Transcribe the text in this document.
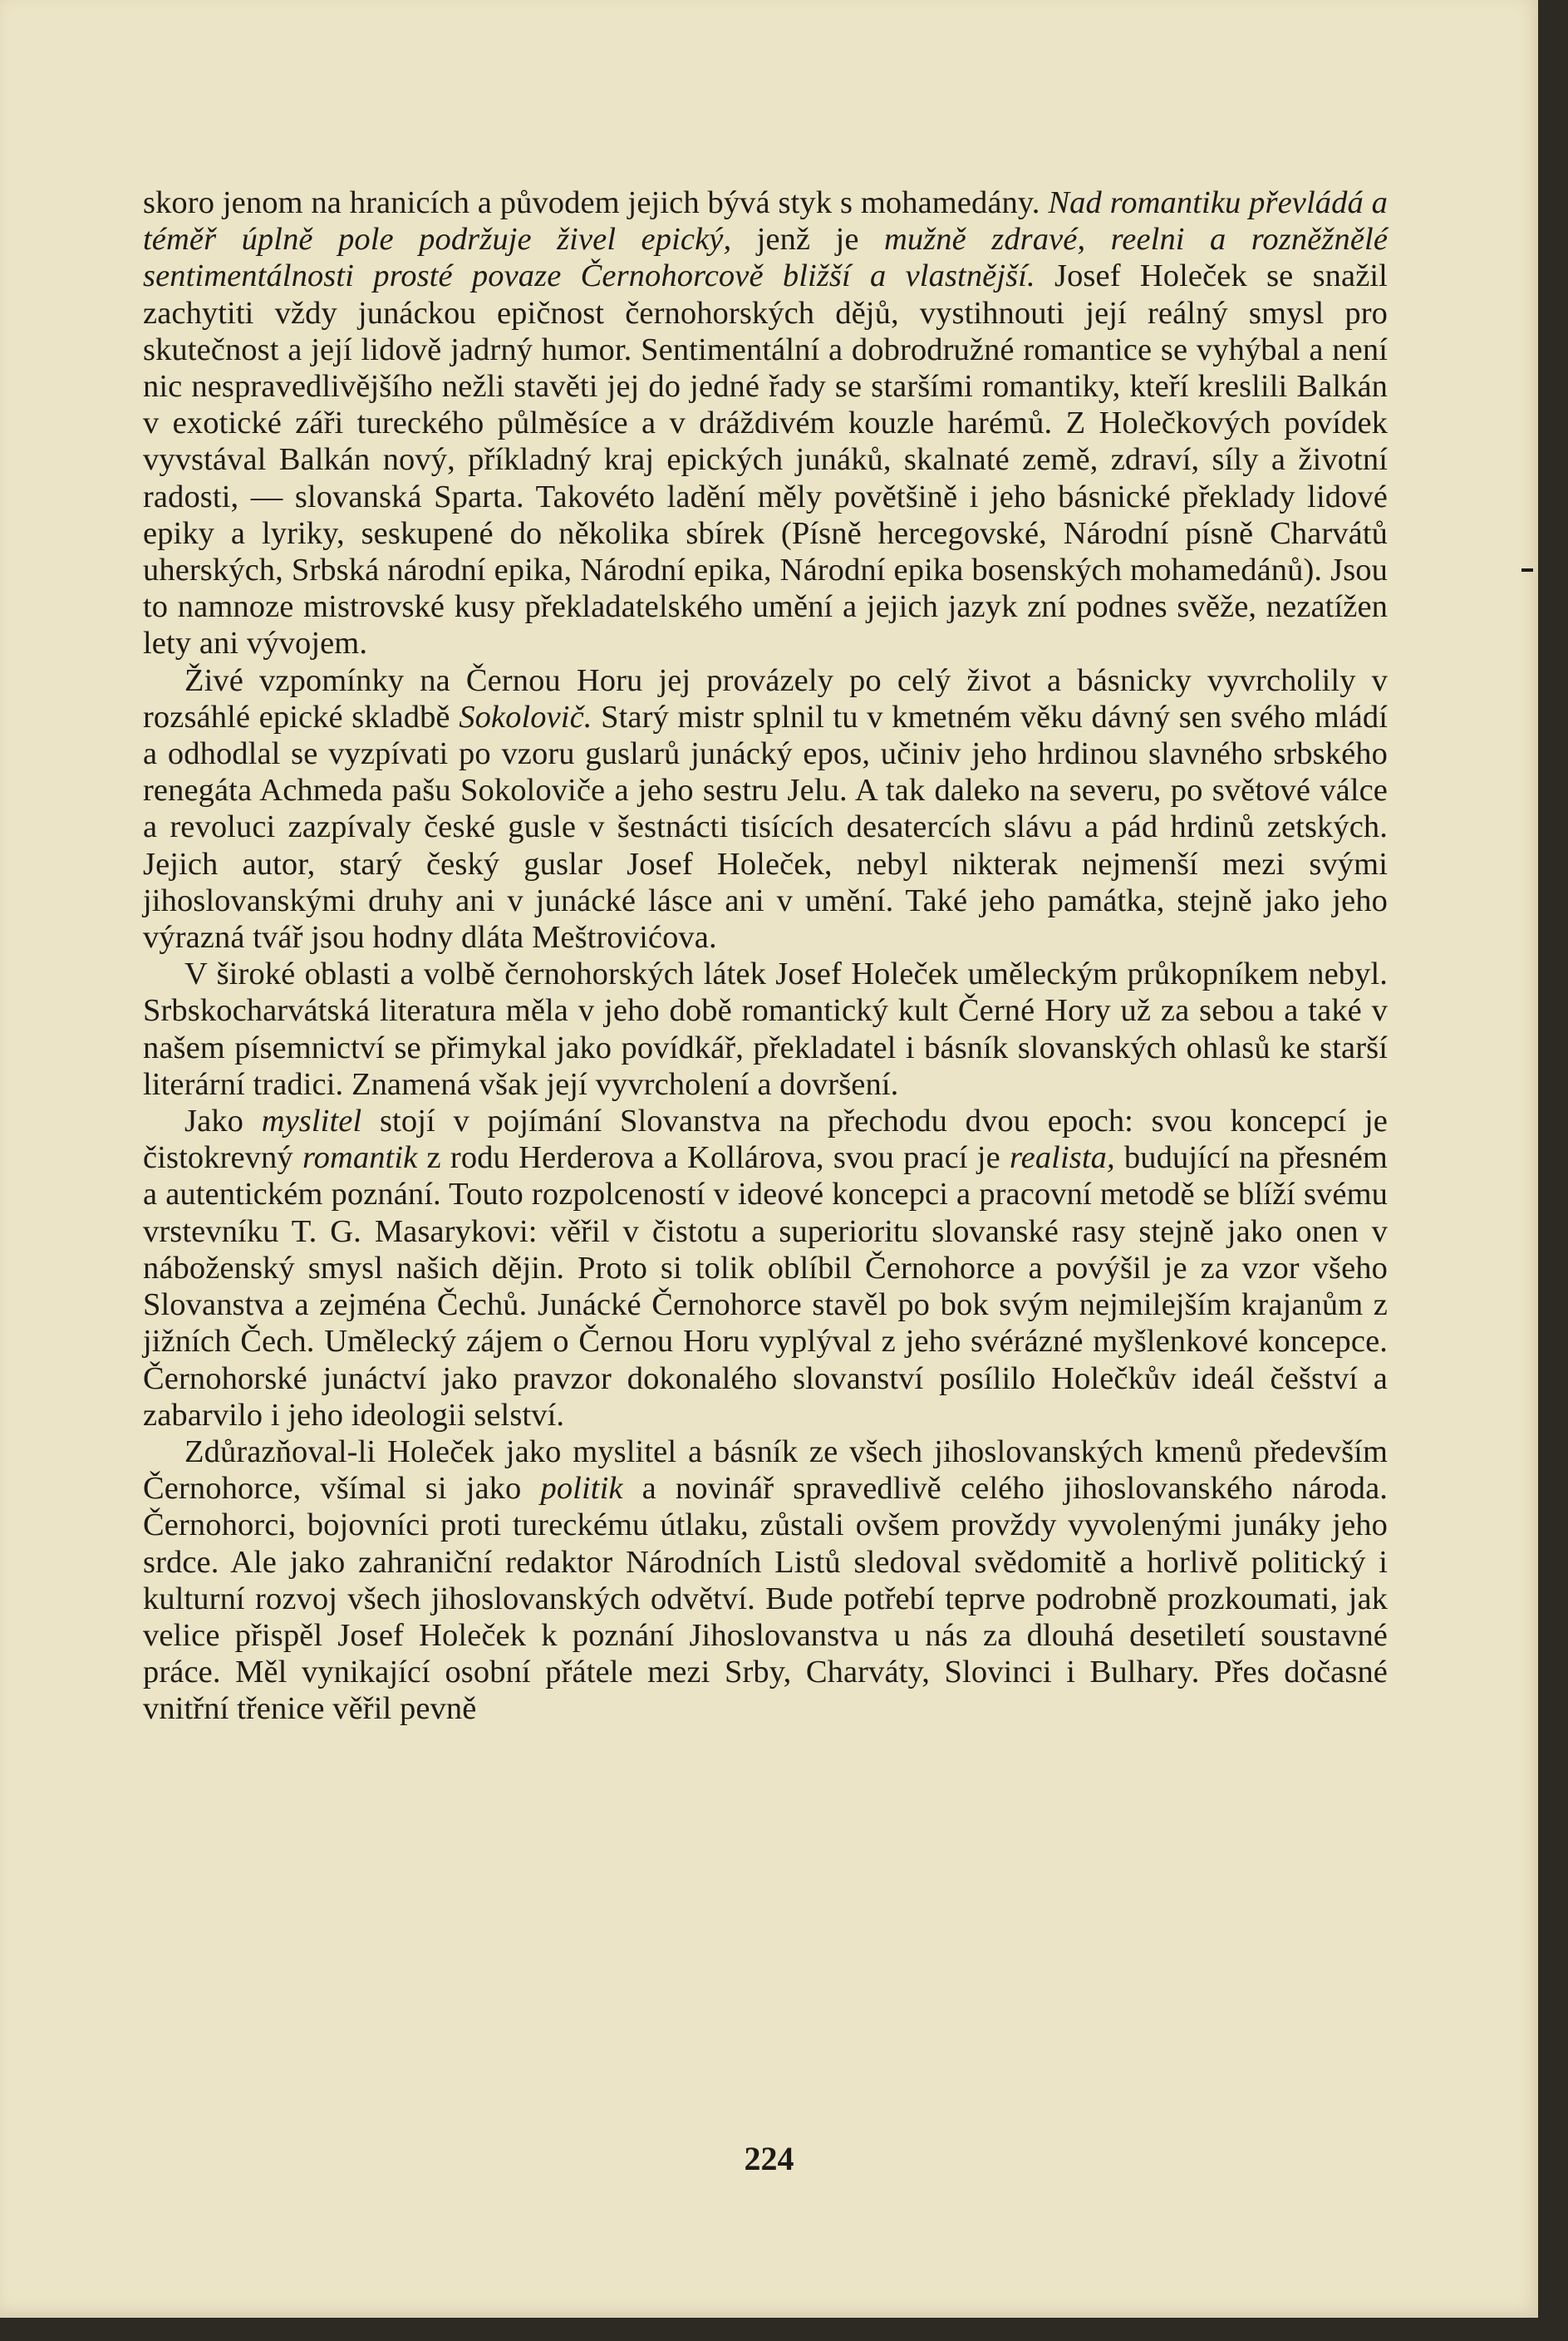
skoro jenom na hranicích a původem jejich bývá styk s mohamedány. Nad romantiku převládá a téměř úplně pole podržuje živel epický, jenž je mužně zdravé, reelni a rozněžnělé sentimentálnosti prosté povaze Černohorcově bližší a vlastnější. Josef Holeček se snažil zachytiti vždy junáckou epičnost černohorských dějů, vystihnouti její reálný smysl pro skutečnost a její lidově jadrný humor. Sentimentální a dobrodružné romantice se vyhýbal a není nic nespravedlivějšího nežli stavěti jej do jedné řady se staršími romantiky, kteří kreslili Balkán v exotické záři tureckého půlměsíce a v dráždivém kouzle harémů. Z Holečkových povídek vyvstával Balkán nový, příkladný kraj epických junáků, skalnaté země, zdraví, síly a životní radosti, — slovanská Sparta. Takovéto ladění měly povětšině i jeho básnické překlady lidové epiky a lyriky, seskupené do několika sbírek (Písně hercegovské, Národní písně Charvátů uherských, Srbská národní epika, Národní epika, Národní epika bosenských mohamedánů). Jsou to namnoze mistrovské kusy překladatelského umění a jejich jazyk zní podnes svěže, nezatížen lety ani vývojem.

Živé vzpomínky na Černou Horu jej provázely po celý život a básnicky vyvrcholily v rozsáhlé epické skladbě Sokolovič. Starý mistr splnil tu v kmetném věku dávný sen svého mládí a odhodlal se vyzpívati po vzoru guslarů junácký epos, učiniv jeho hrdinou slavného srbského renegáta Achmeda pašu Sokoloviče a jeho sestru Jelu. A tak daleko na severu, po světové válce a revoluci zazpívaly české gusle v šestnácti tisících desatercích slávu a pád hrdinů zetských. Jejich autor, starý český guslar Josef Holeček, nebyl nikterak nejmenší mezi svými jihoslovanskými druhy ani v junácké lásce ani v umění. Také jeho památka, stejně jako jeho výrazná tvář jsou hodny dláta Meštrovićova.

V široké oblasti a volbě černohorských látek Josef Holeček uměleckým průkopníkem nebyl. Srbskocharvátská literatura měla v jeho době romantický kult Černé Hory už za sebou a také v našem písemnictví se přimykal jako povídkář, překladatel i básník slovanských ohlasů ke starší literární tradici. Znamená však její vyvrcholení a dovršení.

Jako myslitel stojí v pojímání Slovanstva na přechodu dvou epoch: svou koncepcí je čistokrevný romantik z rodu Herderova a Kollárova, svou prací je realista, budující na přesném a autentickém poznání. Touto rozpolceností v ideové koncepci a pracovní metodě se blíží svému vrstevníku T. G. Masarykovi: věřil v čistotu a superioritu slovanské rasy stejně jako onen v náboženský smysl našich dějin. Proto si tolik oblíbil Černohorce a povýšil je za vzor všeho Slovanstva a zejména Čechů. Junácké Černohorce stavěl po bok svým nejmilejším krajanům z jižních Čech. Umělecký zájem o Černou Horu vyplýval z jeho svérázné myšlenkové koncepce. Černohorské junáctví jako pravzor dokonalého slovanství posílilo Holečkův ideál češství a zabarvilo i jeho ideologii selství.

Zdůrazňoval-li Holeček jako myslitel a básník ze všech jihoslovanských kmenů především Černohorce, všímal si jako politik a novinář spravedlivě celého jihoslovanského národa. Černohorci, bojovníci proti tureckému útlaku, zůstali ovšem provždy vyvolenými junáky jeho srdce. Ale jako zahraniční redaktor Národních Listů sledoval svědomitě a horlivě politický i kulturní rozvoj všech jihoslovanských odvětví. Bude potřebí teprve podrobně prozkoumati, jak velice přispěl Josef Holeček k poznání Jihoslovanstva u nás za dlouhá desetiletí soustavné práce. Měl vynikající osobní přátele mezi Srby, Charváty, Slovinci i Bulhary. Přes dočasné vnitřní třenice věřil pevně

224
